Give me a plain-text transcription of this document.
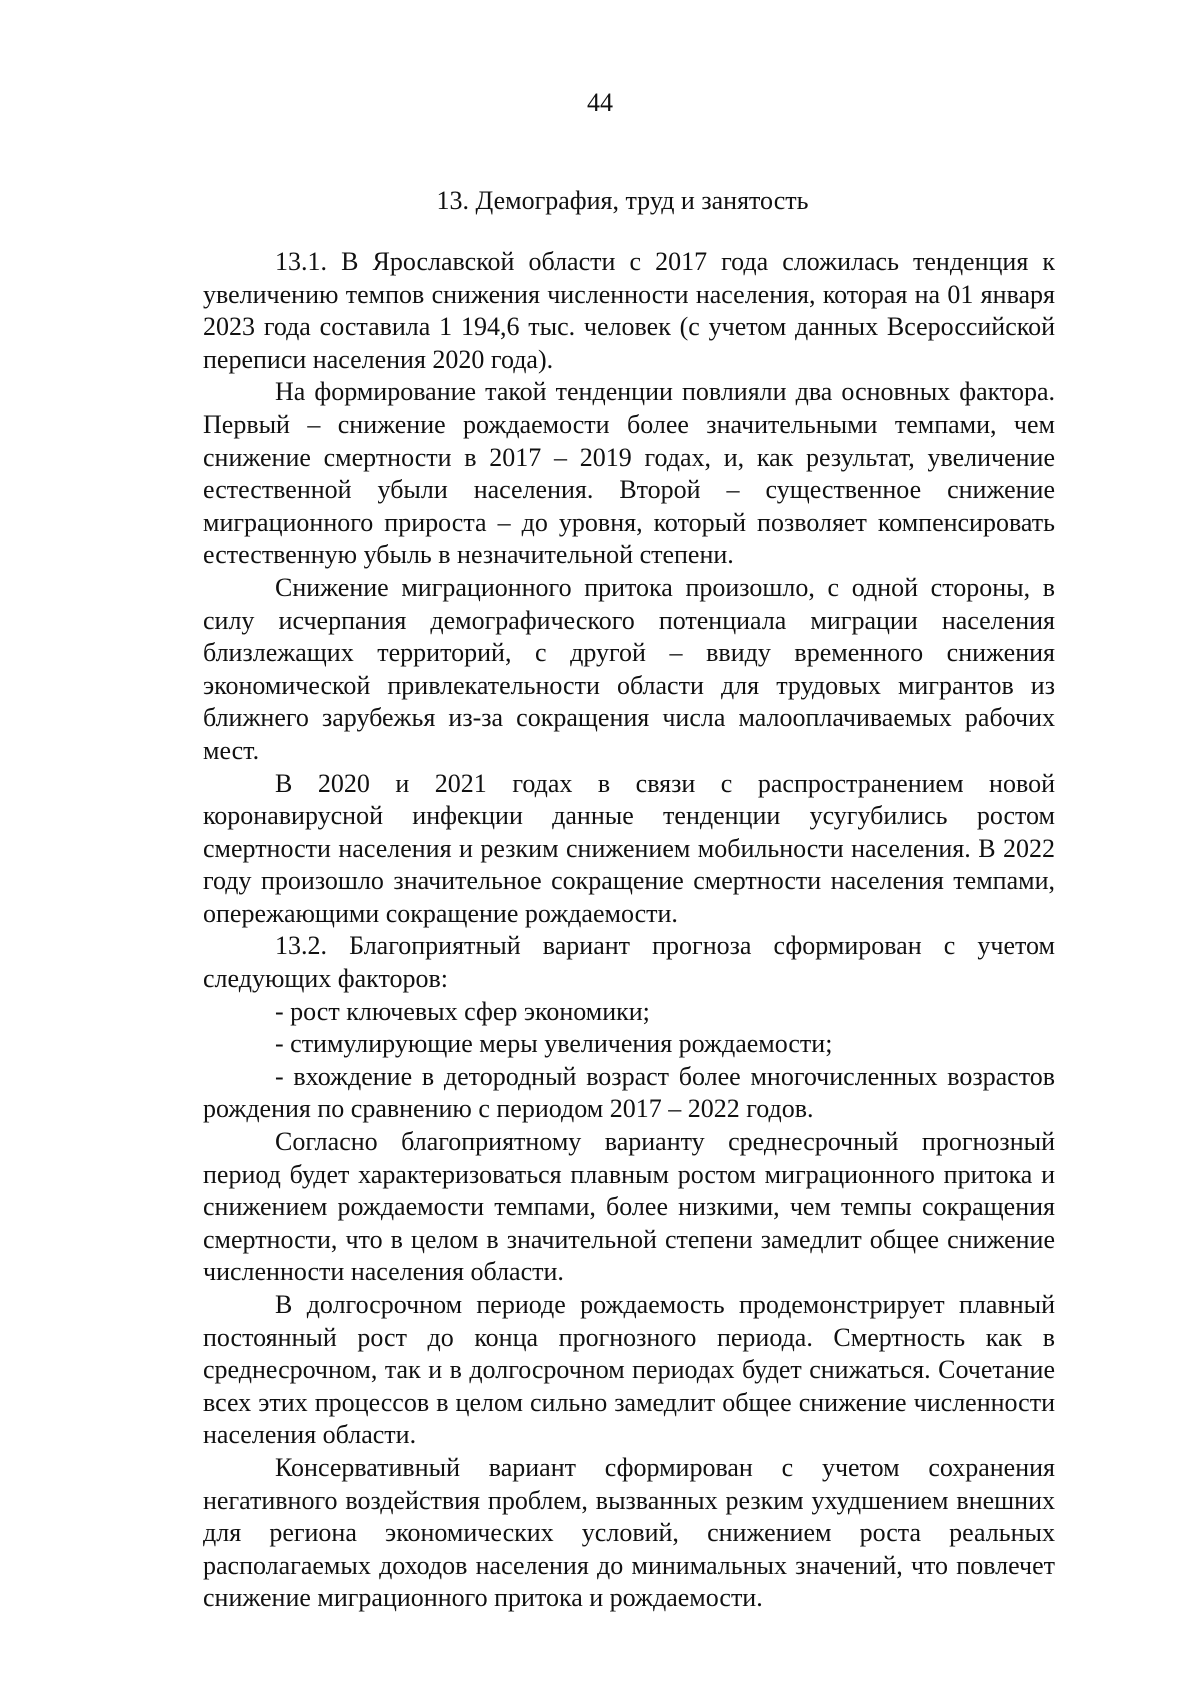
44
13. Демография, труд и занятость

13.1. В Ярославской области с 2017 года сложилась тенденция к увеличению темпов снижения численности населения, которая на 01 января 2023 года составила 1 194,6 тыс. человек (с учетом данных Всероссийской переписи населения 2020 года).

На формирование такой тенденции повлияли два основных фактора. Первый – снижение рождаемости более значительными темпами, чем снижение смертности в 2017 – 2019 годах, и, как результат, увеличение естественной убыли населения. Второй – существенное снижение миграционного прироста – до уровня, который позволяет компенсировать естественную убыль в незначительной степени.

Снижение миграционного притока произошло, с одной стороны, в силу исчерпания демографического потенциала миграции населения близлежащих территорий, с другой – ввиду временного снижения экономической привлекательности области для трудовых мигрантов из ближнего зарубежья из-за сокращения числа малооплачиваемых рабочих мест.

В 2020 и 2021 годах в связи с распространением новой коронавирусной инфекции данные тенденции усугубились ростом смертности населения и резким снижением мобильности населения. В 2022 году произошло значительное сокращение смертности населения темпами, опережающими сокращение рождаемости.

13.2. Благоприятный вариант прогноза сформирован с учетом следующих факторов:

- рост ключевых сфер экономики;

- стимулирующие меры увеличения рождаемости;

- вхождение в детородный возраст более многочисленных возрастов рождения по сравнению с периодом 2017 – 2022 годов.

Согласно благоприятному варианту среднесрочный прогнозный период будет характеризоваться плавным ростом миграционного притока и снижением рождаемости темпами, более низкими, чем темпы сокращения смертности, что в целом в значительной степени замедлит общее снижение численности населения области.

В долгосрочном периоде рождаемость продемонстрирует плавный постоянный рост до конца прогнозного периода. Смертность как в среднесрочном, так и в долгосрочном периодах будет снижаться. Сочетание всех этих процессов в целом сильно замедлит общее снижение численности населения области.

Консервативный вариант сформирован с учетом сохранения негативного воздействия проблем, вызванных резким ухудшением внешних для региона экономических условий, снижением роста реальных располагаемых доходов населения до минимальных значений, что повлечет снижение миграционного притока и рождаемости.
